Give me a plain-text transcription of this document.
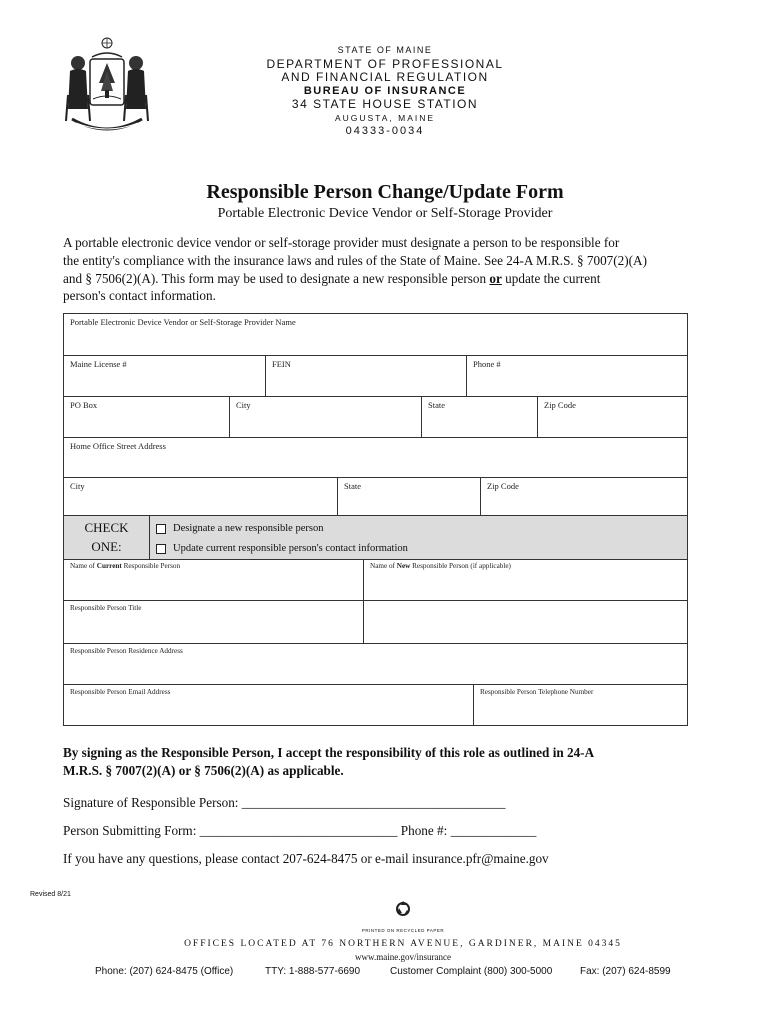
STATE OF MAINE
DEPARTMENT OF PROFESSIONAL
AND FINANCIAL REGULATION
BUREAU OF INSURANCE
34 STATE HOUSE STATION
AUGUSTA, MAINE
04333-0034
Responsible Person Change/Update Form
Portable Electronic Device Vendor or Self-Storage Provider
A portable electronic device vendor or self-storage provider must designate a person to be responsible for
the entity's compliance with the insurance laws and rules of the State of Maine. See 24-A M.R.S. § 7007(2)(A)
and § 7506(2)(A). This form may be used to designate a new responsible person or update the current
person's contact information.
Portable Electronic Device Vendor or Self-Storage Provider Name
Maine License #	FEIN	Phone #
PO Box	City	State	Zip Code
Home Office Street Address
City	State	Zip Code
CHECK
ONE:
Designate a new responsible person
Update current responsible person's contact information
Name of Current Responsible Person	Name of New Responsible Person (if applicable)
Responsible Person Title
Responsible Person Residence Address
Responsible Person Email Address	Responsible Person Telephone Number
By signing as the Responsible Person, I accept the responsibility of this role as outlined in 24-A
M.R.S. § 7007(2)(A) or § 7506(2)(A) as applicable.
Signature of Responsible Person: ________________________________________
Person Submitting Form: ______________________________ Phone #: _____________
If you have any questions, please contact 207-624-8475 or e-mail insurance.pfr@maine.gov
Revised 8/21
PRINTED ON RECYCLED PAPER
OFFICES LOCATED AT 76 NORTHERN AVENUE, GARDINER, MAINE 04345
www.maine.gov/insurance
Phone: (207) 624-8475 (Office)	TTY: 1-888-577-6690	Customer Complaint (800) 300-5000	Fax: (207) 624-8599
